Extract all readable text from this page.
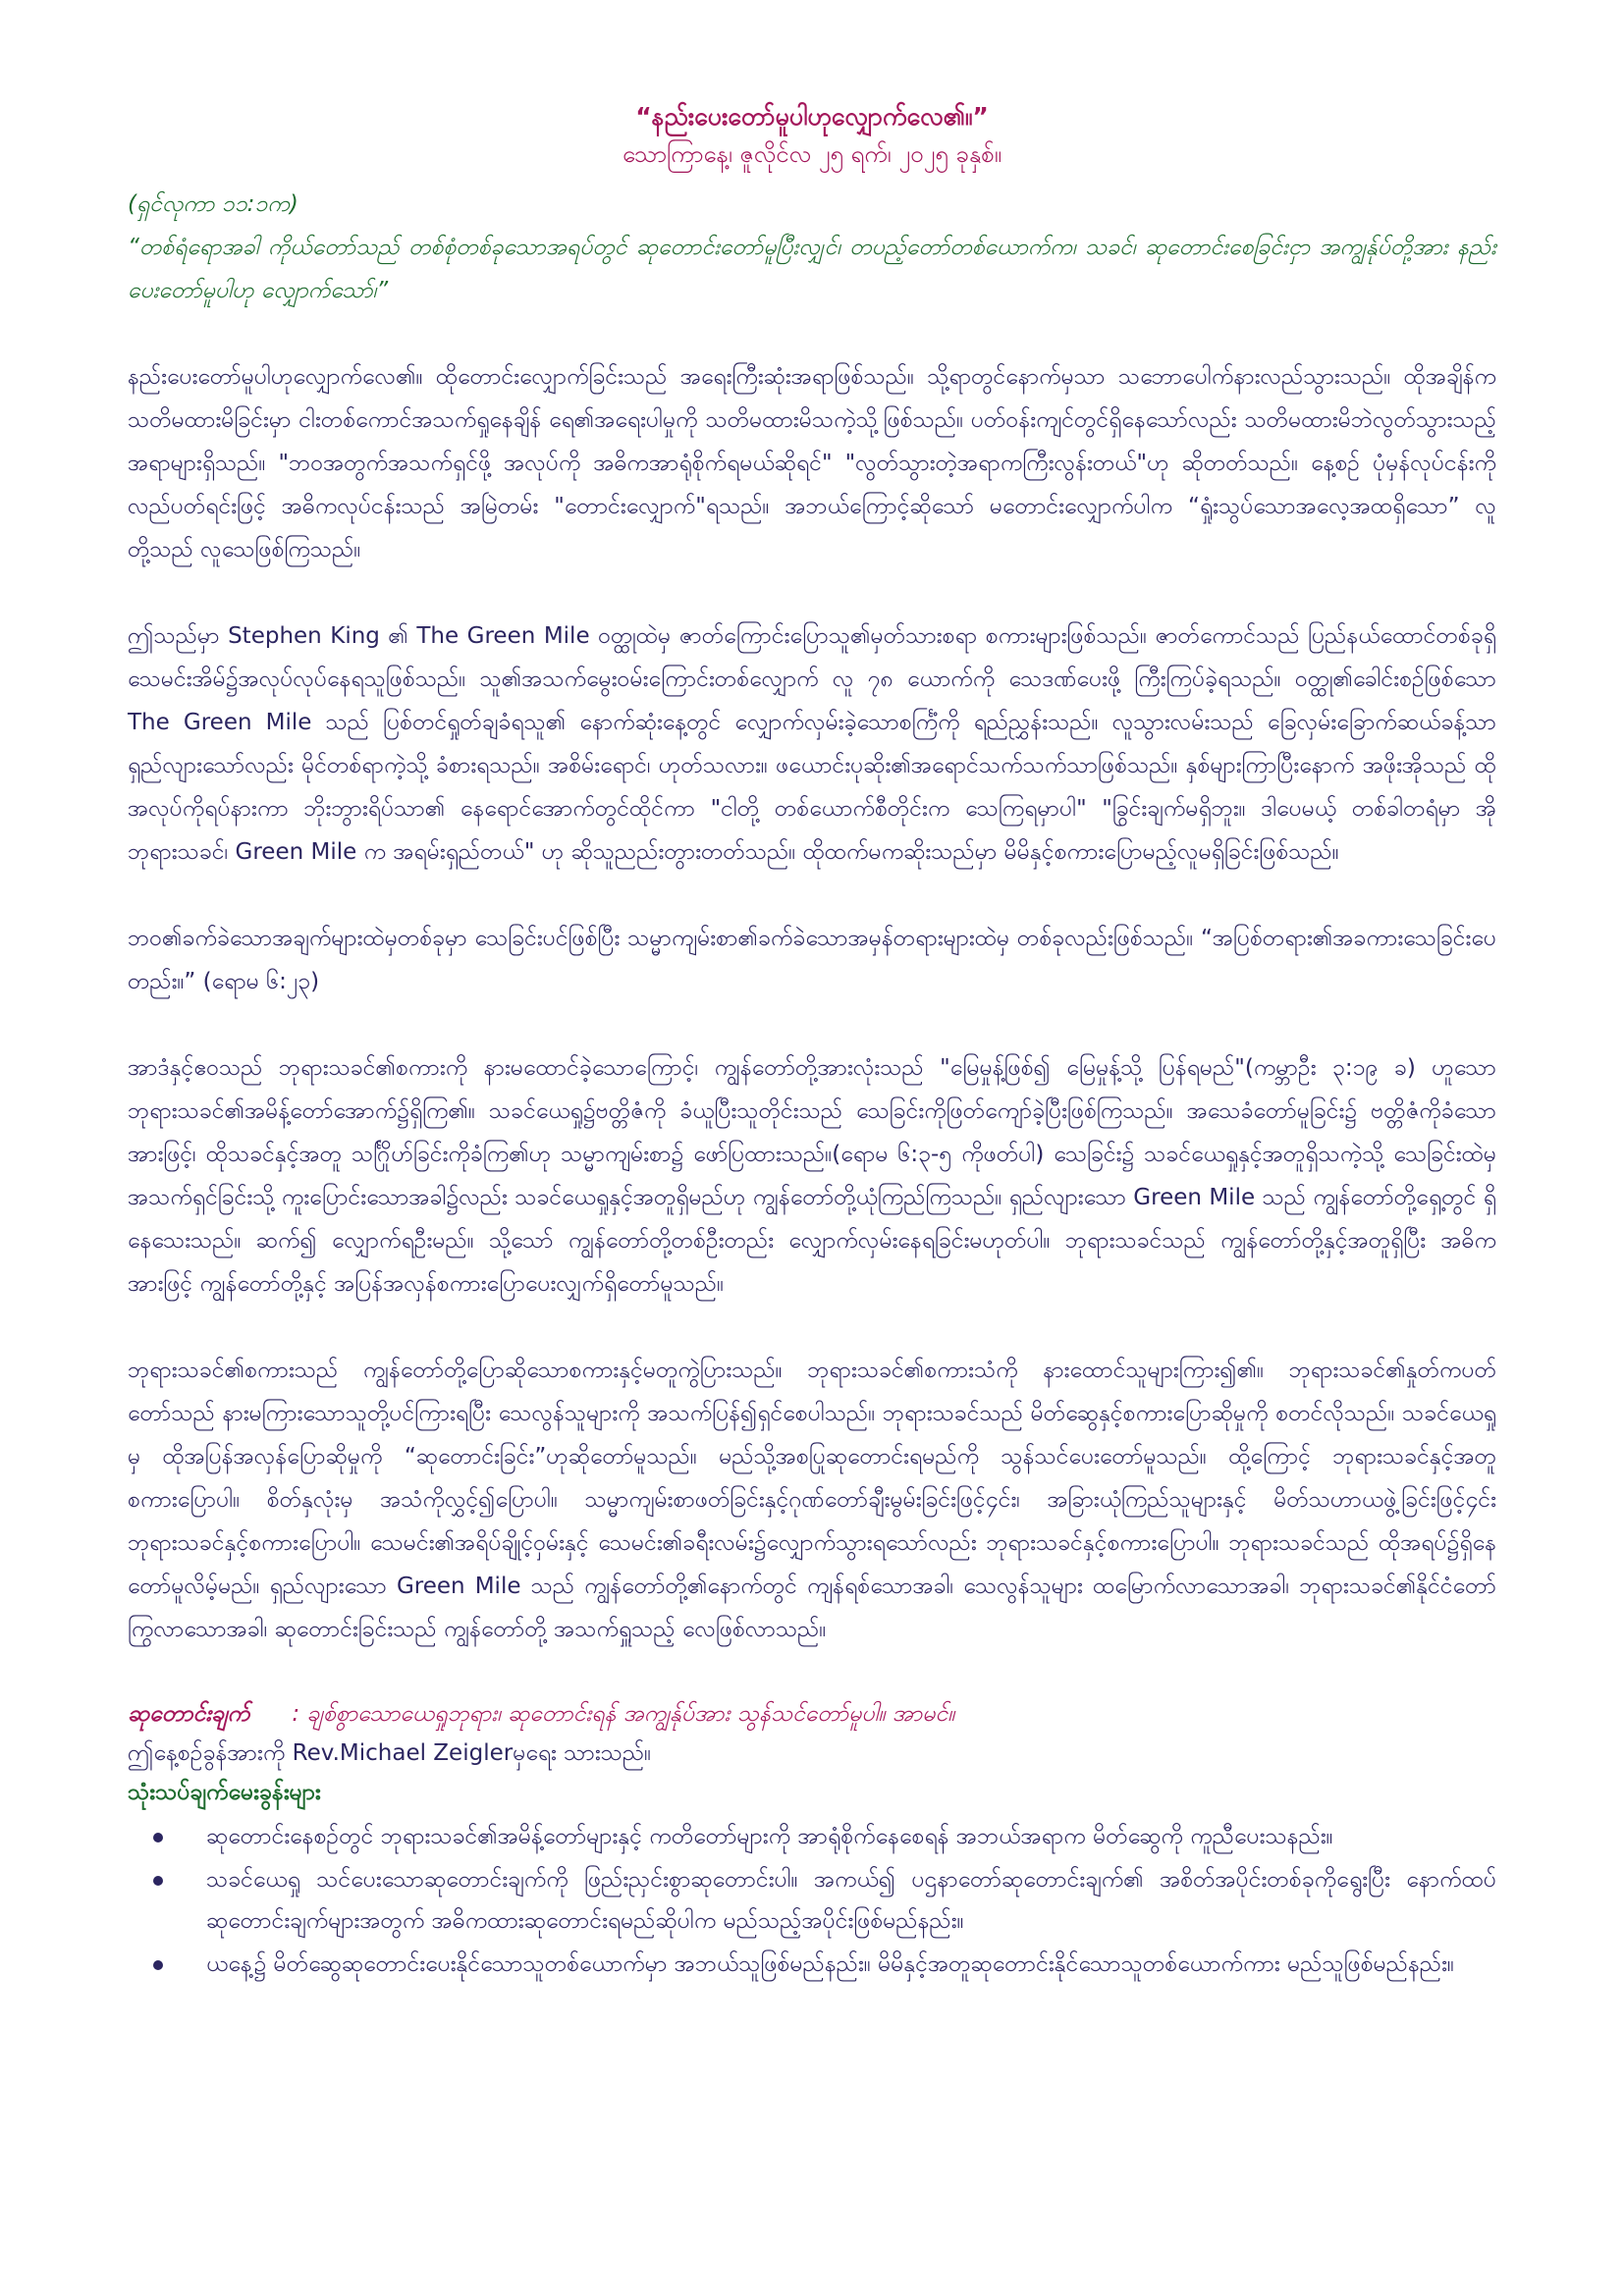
“နည်းပေးတော်မူပါဟုလျှောက်လေ၏။”
သောကြာနေ့၊ ဇူလိုင်လ ၂၅ ရက်၊ ၂၀၂၅ ခုနှစ်။
(ရှင်လုကာ ၁၁:၁က)
“တစ်ရံရောအခါ ကိုယ်တော်သည် တစ်စုံတစ်ခုသောအရပ်တွင် ဆုတောင်းတော်မူပြီးလျှင်၊ တပည့်တော်တစ်ယောက်က၊ သခင်၊ ဆုတောင်းစေခြင်းငှာ အကျွန်ုပ်တို့အား နည်းပေးတော်မူပါဟု လျှောက်သော်၊”

နည်းပေးတော်မူပါဟုလျှောက်လေ၏။ ထိုတောင်းလျှောက်ခြင်းသည် အရေးကြီးဆုံးအရာဖြစ်သည်။ သို့ရာတွင်နောက်မှသာ သဘောပေါက်နားလည်သွားသည်။ ထိုအချိန်က သတိမထားမိခြင်းမှာ ငါးတစ်ကောင်အသက်ရှုနေချိန် ရေ၏အရေးပါမှုကို သတိမထားမိသကဲ့သို့ဖြစ်သည်။ ပတ်ဝန်းကျင်တွင်ရှိနေသော်လည်း သတိမထားမိဘဲလွတ်သွားသည့်အရာများရှိသည်။ "ဘဝအတွက်အသက်ရှင်ဖို့ အလုပ်ကို အဓိကအာရုံစိုက်ရမယ်ဆိုရင်" "လွတ်သွားတဲ့အရာကကြီးလွန်းတယ်"ဟု ဆိုတတ်သည်။ နေ့စဉ် ပုံမှန်လုပ်ငန်းကို လည်ပတ်ရင်းဖြင့် အဓိကလုပ်ငန်းသည် အမြဲတမ်း "တောင်းလျှောက်"ရသည်။ အဘယ်ကြောင့်ဆိုသော် မတောင်းလျှောက်ပါက “ရှုံးသွပ်သောအလေ့အထရှိသော” လူတို့သည် လူသေဖြစ်ကြသည်။

ဤသည်မှာ Stephen King ၏ The Green Mile ဝတ္ထုထဲမှ ဇာတ်ကြောင်းပြောသူ၏မှတ်သားစရာ စကားများဖြစ်သည်။ ဇာတ်ကောင်သည် ပြည်နယ်ထောင်တစ်ခုရှိ သေမင်းအိမ်၌အလုပ်လုပ်နေရသူဖြစ်သည်။ သူ၏အသက်မွေးဝမ်းကြောင်းတစ်လျှောက် လူ ၇၈ ယောက်ကို သေဒဏ်ပေးဖို့ ကြီးကြပ်ခဲ့ရသည်။ ဝတ္ထု၏ခေါင်းစဉ်ဖြစ်သော The Green Mile သည် ပြစ်တင်ရှုတ်ချခံရသူ၏ နောက်ဆုံးနေ့တွင် လျှောက်လှမ်းခဲ့သောစင်္ကြံကို ရည်ညွှန်းသည်။ လူသွားလမ်းသည် ခြေလှမ်းခြောက်ဆယ်ခန့်သာရှည်လျားသော်လည်း မိုင်တစ်ရာကဲ့သို့ ခံစားရသည်။ အစိမ်းရောင်၊ ဟုတ်သလား။ ဖယောင်းပုဆိုး၏အရောင်သက်သက်သာဖြစ်သည်။ နှစ်များကြာပြီးနောက် အဖိုးအိုသည် ထိုအလုပ်ကိုရပ်နားကာ ဘိုးဘွားရိပ်သာ၏ နေရောင်အောက်တွင်ထိုင်ကာ "ငါတို့ တစ်ယောက်စီတိုင်းက သေကြရမှာပါ" "ခြွင်းချက်မရှိဘူး။ ဒါပေမယ့် တစ်ခါတရံမှာ အိုဘုရားသခင်၊ Green Mile က အရမ်းရှည်တယ်" ဟု ဆိုသူညည်းတွားတတ်သည်။ ထိုထက်မကဆိုးသည်မှာ မိမိနှင့်စကားပြောမည့်လူမရှိခြင်းဖြစ်သည်။

ဘဝ၏ခက်ခဲသောအချက်များထဲမှတစ်ခုမှာ သေခြင်းပင်ဖြစ်ပြီး သမ္မာကျမ်းစာ၏ခက်ခဲသောအမှန်တရားများထဲမှ တစ်ခုလည်းဖြစ်သည်။ “အပြစ်တရား၏အခကားသေခြင်းပေတည်း။” (ရောမ ၆:၂၃)

အာဒံနှင့်ဧဝသည် ဘုရားသခင်၏စကားကို နားမထောင်ခဲ့သောကြောင့်၊ ကျွန်တော်တို့အားလုံးသည် "မြေမှုန့်ဖြစ်၍ မြေမှုန့်သို့ ပြန်ရမည်"(ကမ္ဘာဦး ၃:၁၉ ခ) ဟူသောဘုရားသခင်၏အမိန့်တော်အောက်၌ရှိကြ၏။ သခင်ယေရှု၌ဗတ္တိဇံကို ခံယူပြီးသူတိုင်းသည် သေခြင်းကိုဖြတ်ကျော်ခဲ့ပြီးဖြစ်ကြသည်။ အသေခံတော်မူခြင်း၌ ဗတ္တိဇံကိုခံသောအားဖြင့်၊ ထိုသခင်နှင့်အတူ သင်္ဂြိုဟ်ခြင်းကိုခံကြ၏ဟု သမ္မာကျမ်းစာ၌ ဖော်ပြထားသည်။(ရောမ ၆:၃-၅ ကိုဖတ်ပါ) သေခြင်း၌ သခင်ယေရှုနှင့်အတူရှိသကဲ့သို့ သေခြင်းထဲမှ အသက်ရှင်ခြင်းသို့ ကူးပြောင်းသောအခါ၌လည်း သခင်ယေရှုနှင့်အတူရှိမည်ဟု ကျွန်တော်တို့ယုံကြည်ကြသည်။ ရှည်လျားသော Green Mile သည် ကျွန်တော်တို့ရှေ့တွင် ရှိနေသေးသည်။ ဆက်၍ လျှောက်ရဦးမည်။ သို့သော် ကျွန်တော်တို့တစ်ဦးတည်း လျှောက်လှမ်းနေရခြင်းမဟုတ်ပါ။ ဘုရားသခင်သည် ကျွန်တော်တို့နှင့်အတူရှိပြီး အဓိကအားဖြင့် ကျွန်တော်တို့နှင့် အပြန်အလှန်စကားပြောပေးလျှက်ရှိတော်မူသည်။

ဘုရားသခင်၏စကားသည် ကျွန်တော်တို့ပြောဆိုသောစကားနှင့်မတူကွဲပြားသည်။ ဘုရားသခင်၏စကားသံကို နားထောင်သူများကြား၍၏။ ဘုရားသခင်၏နှုတ်ကပတ်တော်သည် နားမကြားသောသူတို့ပင်ကြားရပြီး သေလွန်သူများကို အသက်ပြန်၍ရှင်စေပါသည်။ ဘုရားသခင်သည် မိတ်ဆွေနှင့်စကားပြောဆိုမှုကို စတင်လိုသည်။ သခင်ယေရှုမှ ထိုအပြန်အလှန်ပြောဆိုမှုကို “ဆုတောင်းခြင်း”ဟုဆိုတော်မူသည်။ မည်သို့အစပြုဆုတောင်းရမည်ကို သွန်သင်ပေးတော်မူသည်။ ထို့ကြောင့် ဘုရားသခင်နှင့်အတူစကားပြောပါ။ စိတ်နှလုံးမှ အသံကိုလွှင့်၍ပြောပါ။ သမ္မာကျမ်းစာဖတ်ခြင်းနှင့်ဂုဏ်တော်ချီးမွမ်းခြင်းဖြင့်၄င်း၊ အခြားယုံကြည်သူများနှင့် မိတ်သဟာယဖွဲ့ခြင်းဖြင့်၄င်း ဘုရားသခင်နှင့်စကားပြောပါ။ သေမင်း၏အရိပ်ချိုင့်ဝှမ်းနှင့် သေမင်း၏ခရီးလမ်း၌လျှောက်သွားရသော်လည်း ဘုရားသခင်နှင့်စကားပြောပါ။ ဘုရားသခင်သည် ထိုအရပ်၌ရှိနေတော်မူလိမ့်မည်။ ရှည်လျားသော Green Mile သည် ကျွန်တော်တို့၏နောက်တွင် ကျန်ရစ်သောအခါ၊ သေလွန်သူများ ထမြောက်လာသောအခါ၊ ဘုရားသခင်၏နိုင်ငံတော်ကြွလာသောအခါ၊ ဆုတောင်းခြင်းသည် ကျွန်တော်တို့ အသက်ရှူသည့် လေဖြစ်လာသည်။

ဆုတောင်းချက် : ချစ်စွာသောယေရှုဘုရား၊ ဆုတောင်းရန် အကျွန်ုပ်အား သွန်သင်တော်မူပါ။ အာမင်။
ဤနေ့စဉ်ခွန်အားကို Rev.Michael Zeiglerမှရေး သားသည်။
သုံးသပ်ချက်မေးခွန်းများ
ဆုတောင်းနေစဉ်တွင် ဘုရားသခင်၏အမိန့်တော်များနှင့် ကတိတော်များကို အာရုံစိုက်နေစေရန် အဘယ်အရာက မိတ်ဆွေကို ကူညီပေးသနည်း။
သခင်ယေရှု သင်ပေးသောဆုတောင်းချက်ကို ဖြည်းညှင်းစွာဆုတောင်းပါ။ အကယ်၍ ပဌနာတော်ဆုတောင်းချက်၏ အစိတ်အပိုင်းတစ်ခုကိုရွေးပြီး နောက်ထပ်ဆုတောင်းချက်များအတွက် အဓိကထားဆုတောင်းရမည်ဆိုပါက မည်သည့်အပိုင်းဖြစ်မည်နည်း။
ယနေ့၌ မိတ်ဆွေဆုတောင်းပေးနိုင်သောသူတစ်ယောက်မှာ အဘယ်သူဖြစ်မည်နည်း။ မိမိနှင့်အတူဆုတောင်းနိုင်သောသူတစ်ယောက်ကား မည်သူဖြစ်မည်နည်း။
